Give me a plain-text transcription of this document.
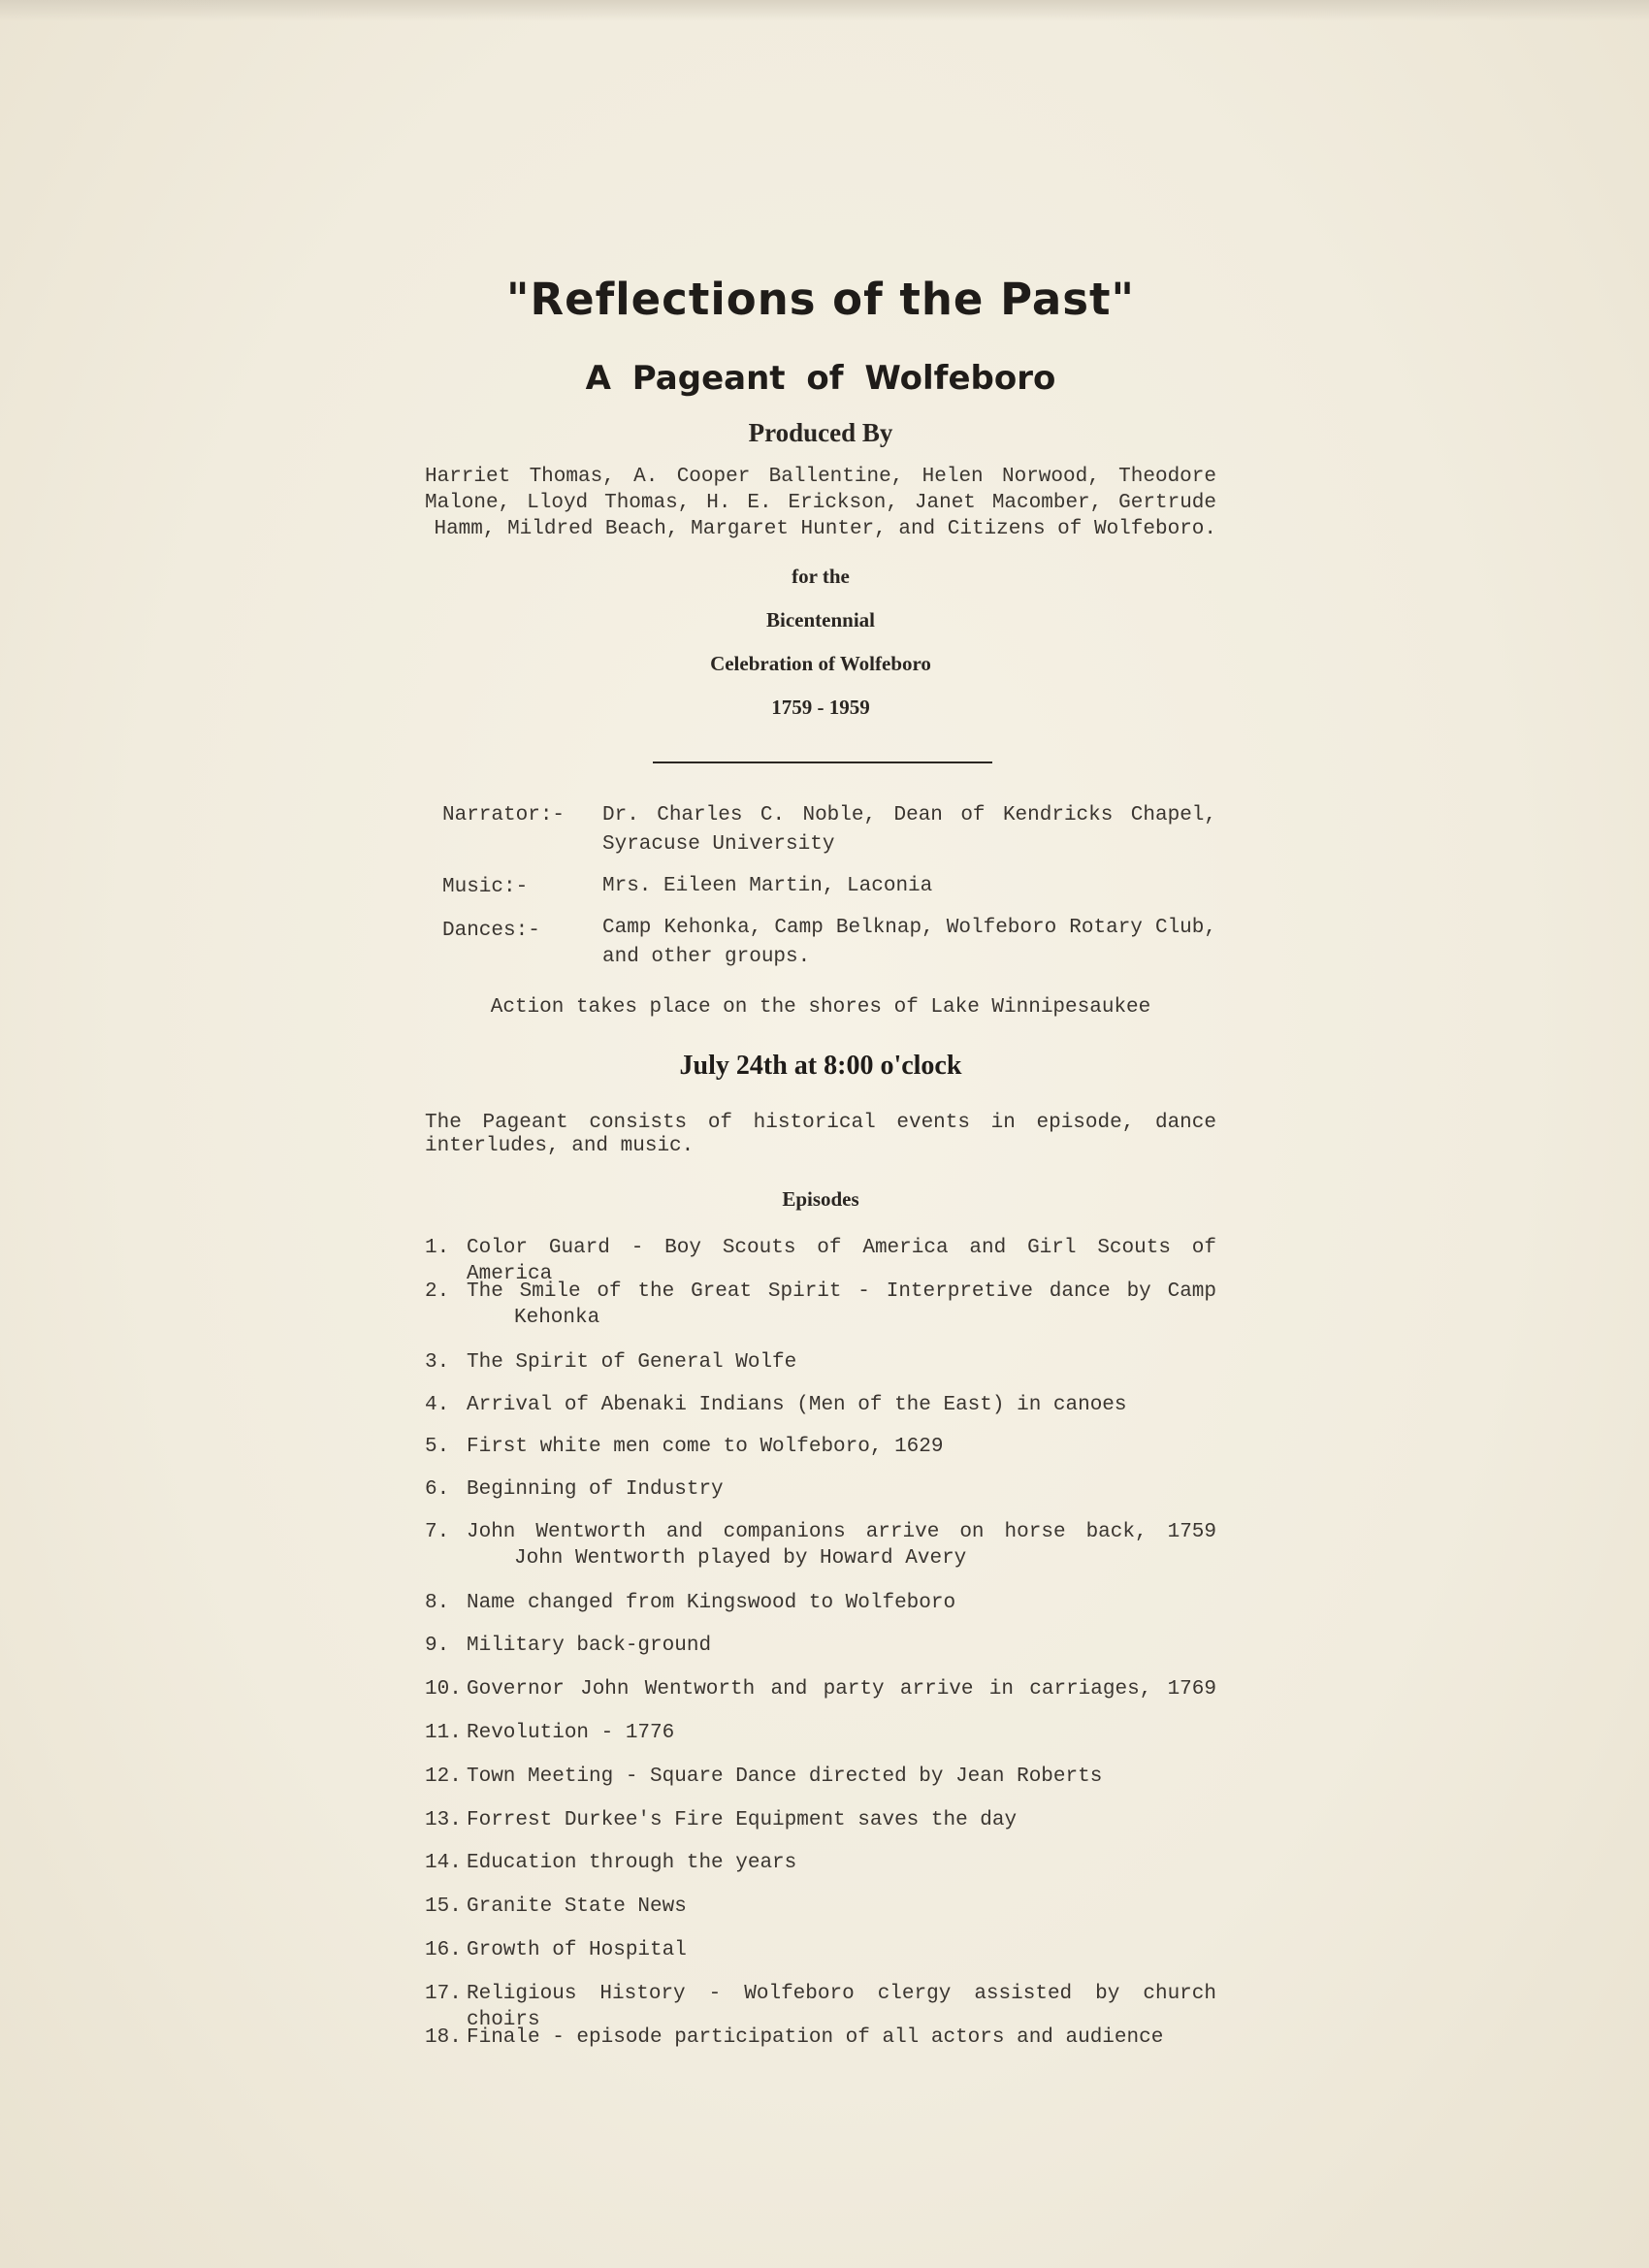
"Reflections of the Past"
A Pageant of Wolfeboro
Produced By
Harriet Thomas, A. Cooper Ballentine, Helen Norwood, Theodore Malone, Lloyd Thomas, H. E. Erickson, Janet Macomber, Gertrude Hamm, Mildred Beach, Margaret Hunter, and Citizens of Wolfeboro.
for the
Bicentennial
Celebration of Wolfeboro
1759 - 1959
Narrator:- Dr. Charles C. Noble, Dean of Kendricks Chapel, Syracuse University
Music:-	Mrs. Eileen Martin, Laconia
Dances:-	Camp Kehonka, Camp Belknap, Wolfeboro Rotary Club, and other groups.
Action takes place on the shores of Lake Winnipesaukee
July 24th at 8:00 o'clock
The Pageant consists of historical events in episode, dance interludes, and music.
Episodes
1. Color Guard - Boy Scouts of America and Girl Scouts of America
2. The Smile of the Great Spirit - Interpretive dance by Camp
Kehonka
3. The Spirit of General Wolfe
4. Arrival of Abenaki Indians (Men of the East) in canoes
5. First white men come to Wolfeboro, 1629
6. Beginning of Industry
7. John Wentworth and companions arrive on horse back, 1759
John Wentworth played by Howard Avery
8. Name changed from Kingswood to Wolfeboro
9. Military back-ground
10. Governor John Wentworth and party arrive in carriages, 1769
11. Revolution - 1776
12. Town Meeting - Square Dance directed by Jean Roberts
13. Forrest Durkee's Fire Equipment saves the day
14. Education through the years
15. Granite State News
16. Growth of Hospital
17. Religious History - Wolfeboro clergy assisted by church choirs
18. Finale - episode participation of all actors and audience
